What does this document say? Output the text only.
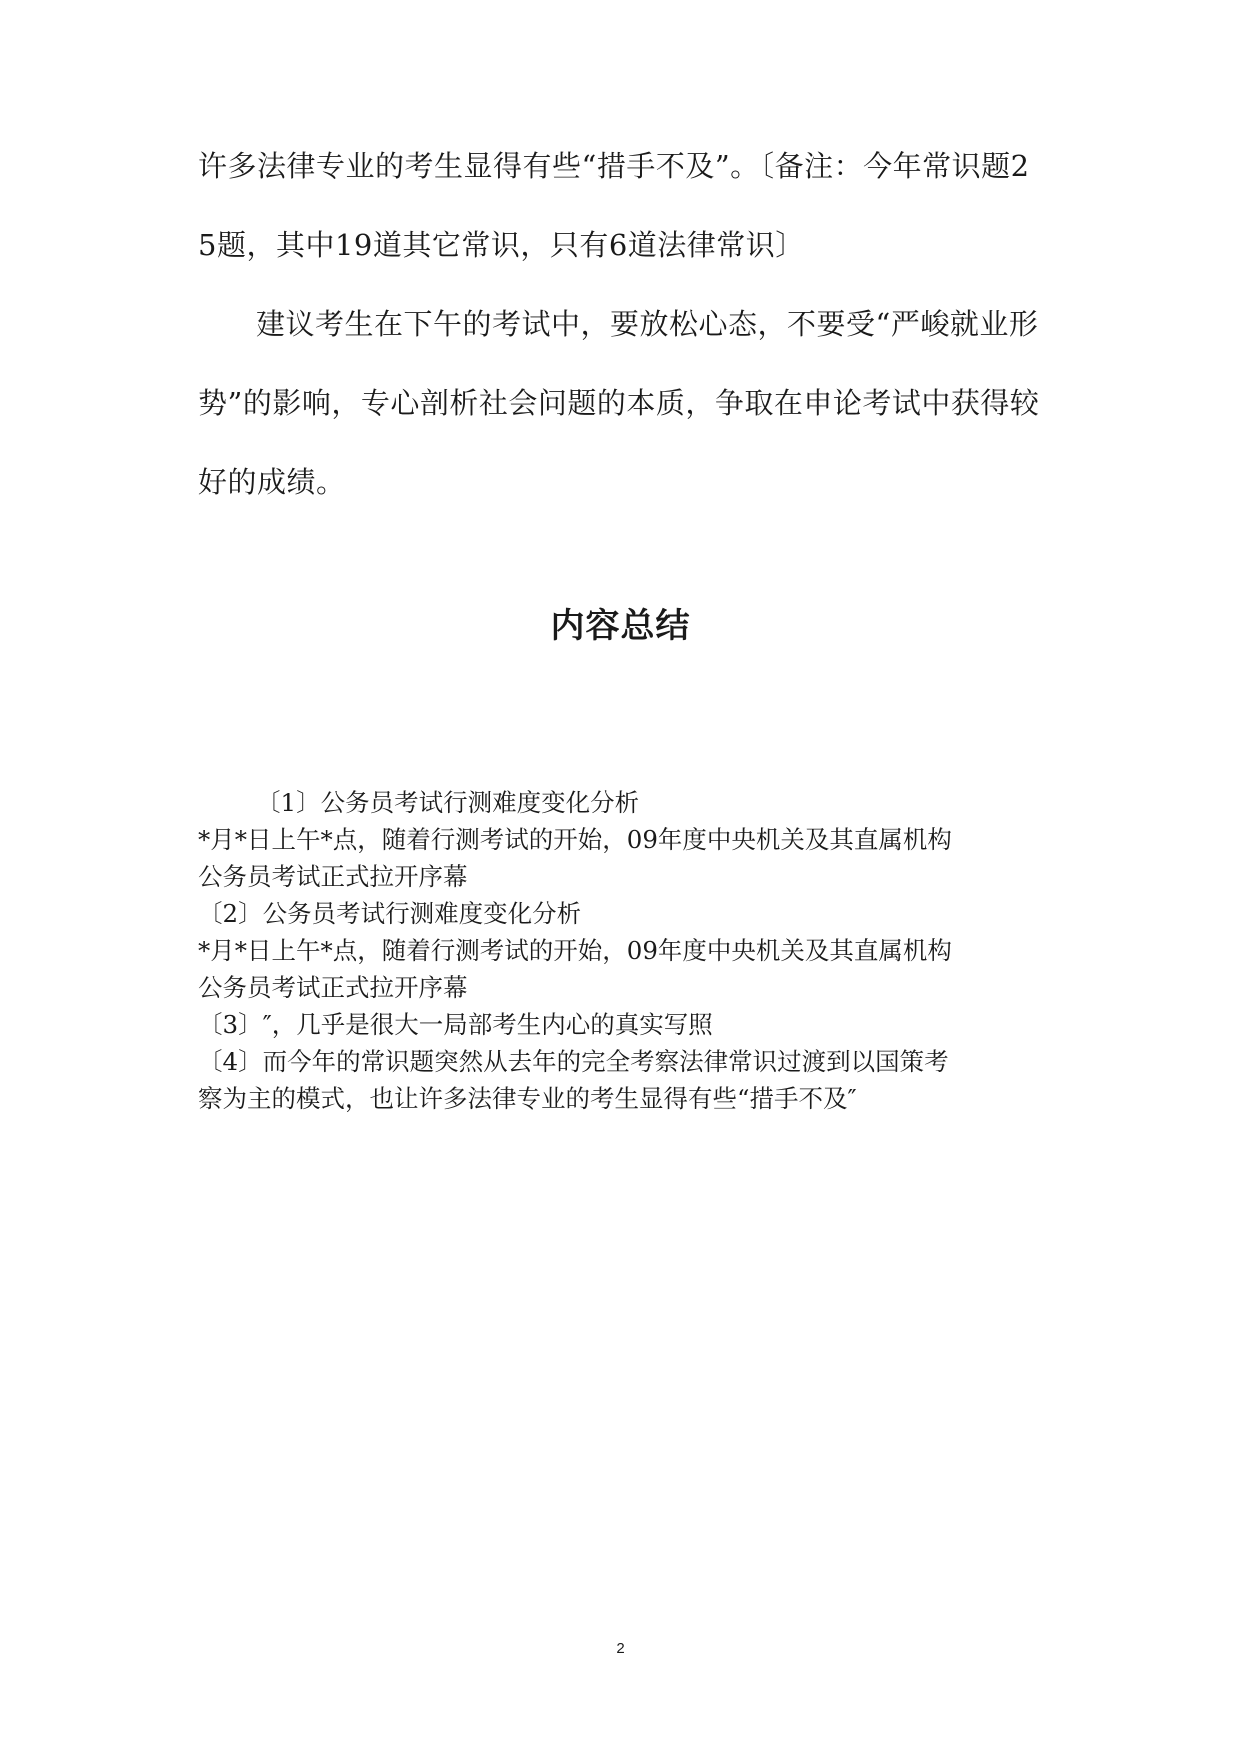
许多法律专业的考生显得有些“措手不及”。〔备注：今年常识题2
5题，其中19道其它常识，只有6道法律常识〕
建议考生在下午的考试中，要放松心态，不要受“严峻就业形
势”的影响，专心剖析社会问题的本质，争取在申论考试中获得较
好的成绩。
内容总结
〔1〕公务员考试行测难度变化分析
*月*日上午*点，随着行测考试的开始，09年度中央机关及其直属机构
公务员考试正式拉开序幕
〔2〕公务员考试行测难度变化分析
*月*日上午*点，随着行测考试的开始，09年度中央机关及其直属机构
公务员考试正式拉开序幕
〔3〕″，几乎是很大一局部考生内心的真实写照
〔4〕而今年的常识题突然从去年的完全考察法律常识过渡到以国策考
察为主的模式，也让许多法律专业的考生显得有些“措手不及″
2
